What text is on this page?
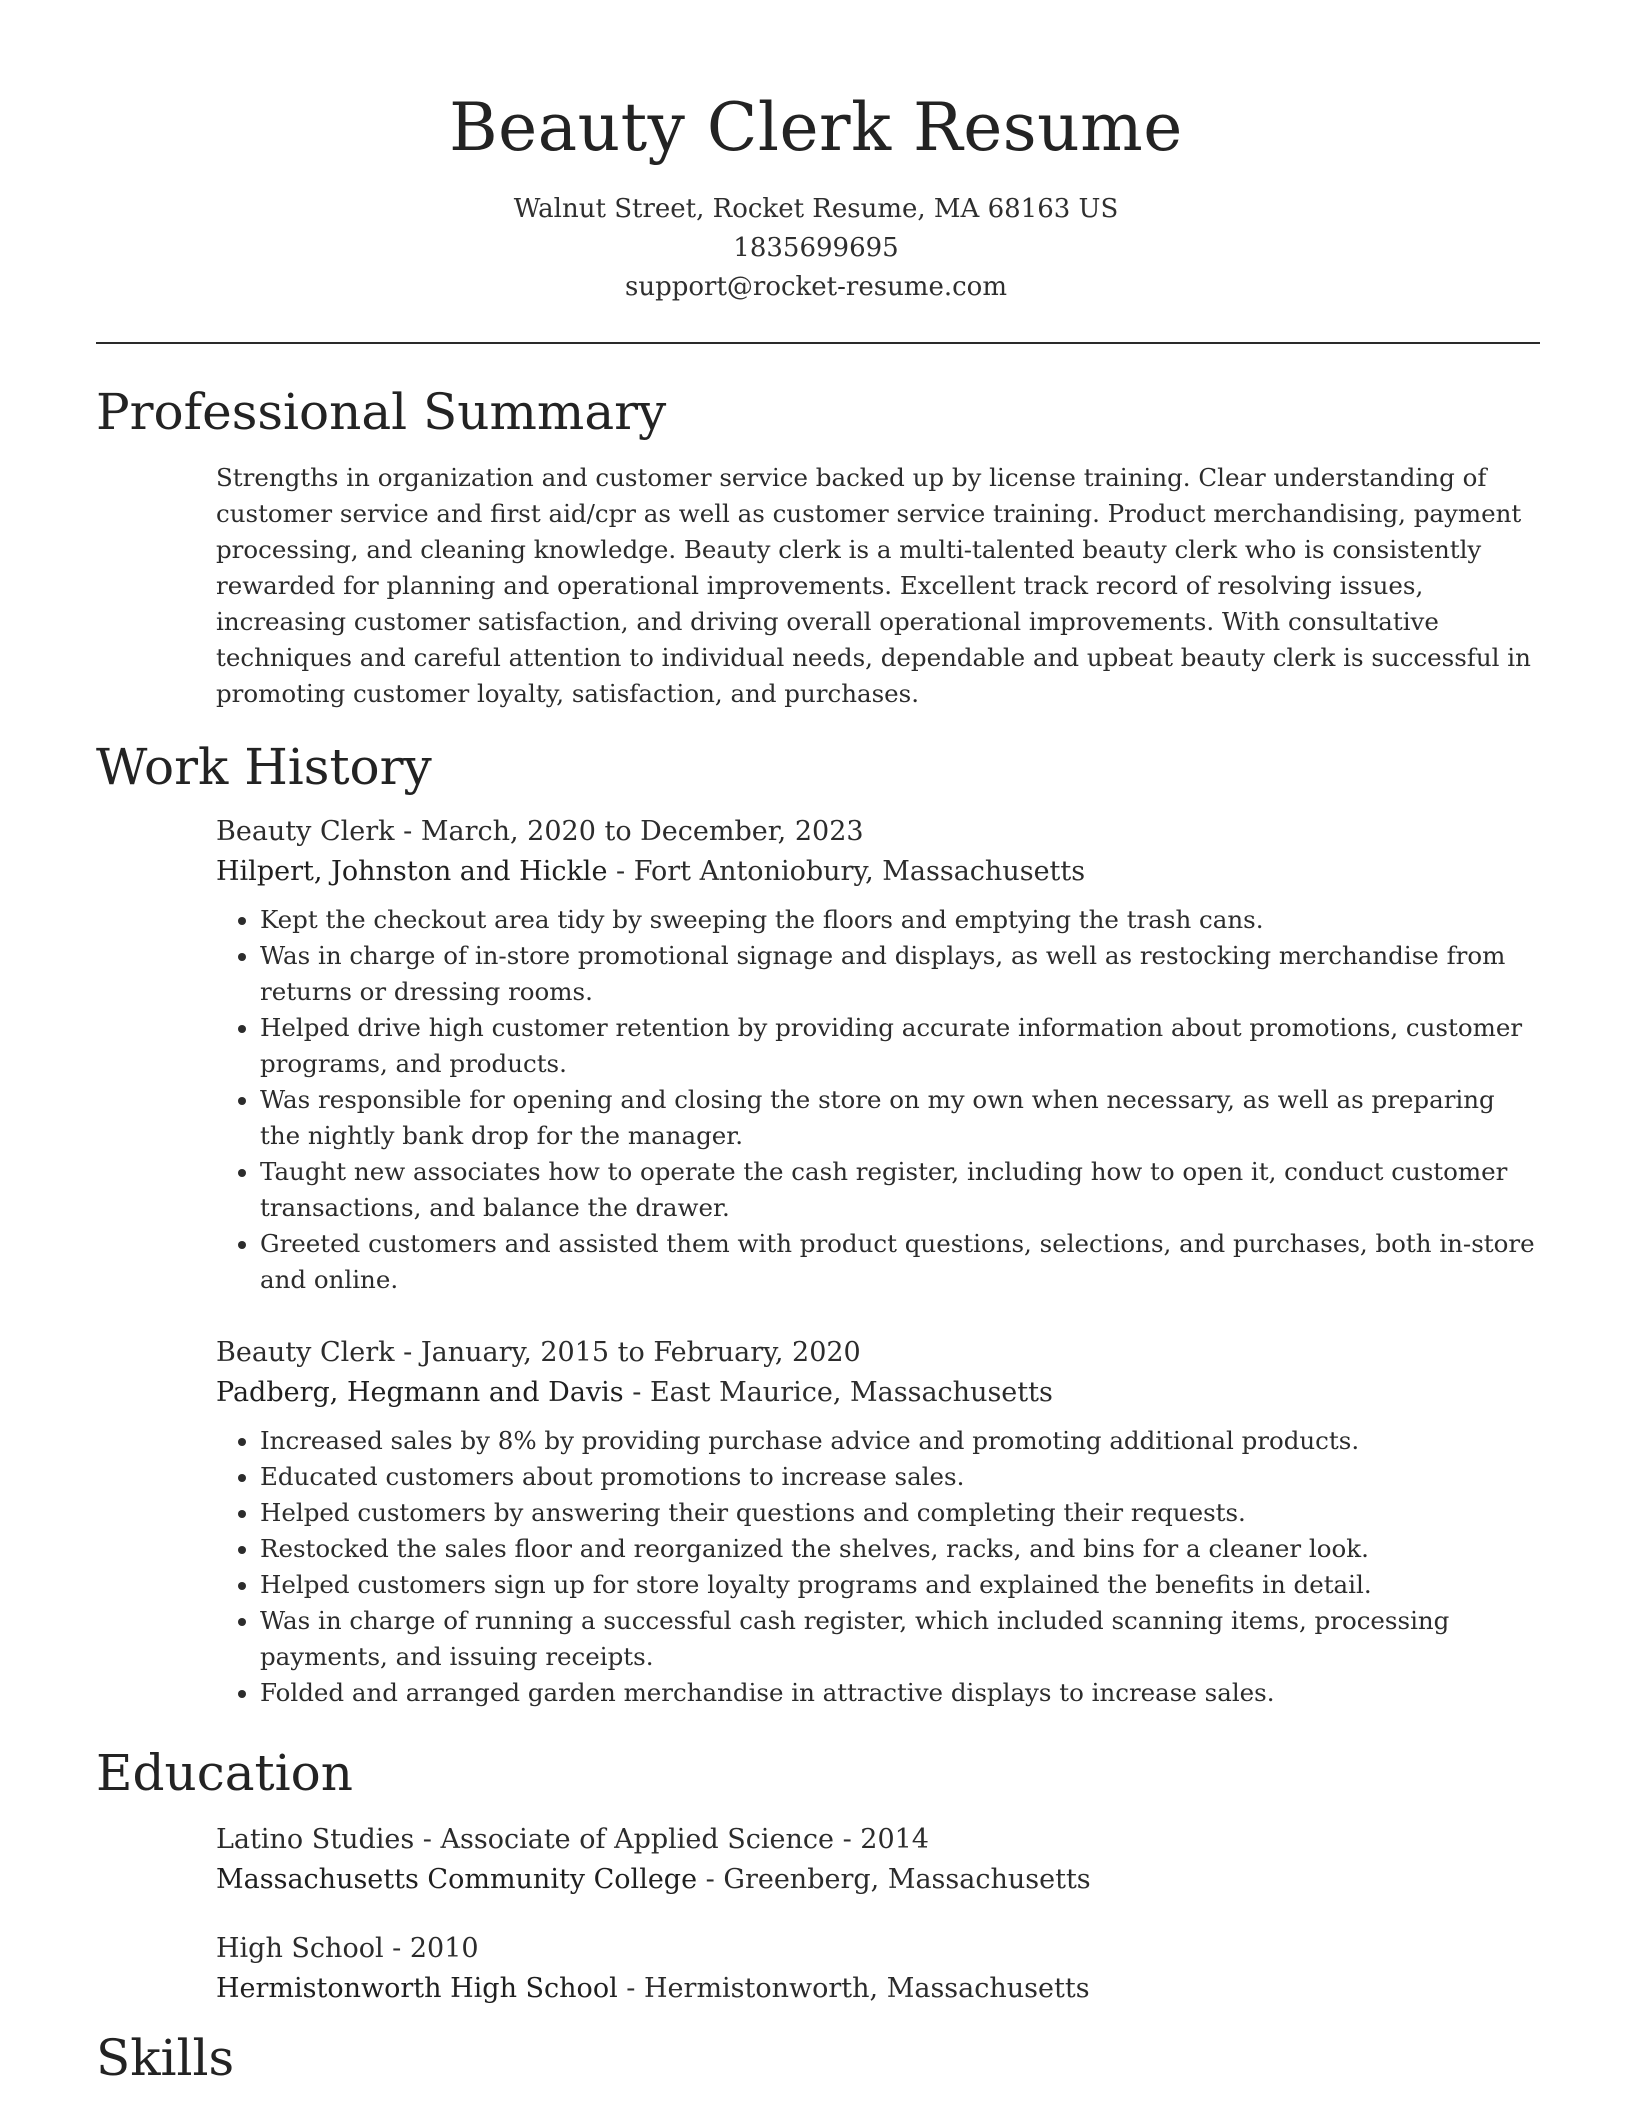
Beauty Clerk Resume
Walnut Street, Rocket Resume, MA 68163 US
1835699695
support@rocket-resume.com
Professional Summary

Strengths in organization and customer service backed up by license training. Clear understanding of customer service and first aid/cpr as well as customer service training. Product merchandising, payment processing, and cleaning knowledge. Beauty clerk is a multi-talented beauty clerk who is consistently rewarded for planning and operational improvements. Excellent track record of resolving issues, increasing customer satisfaction, and driving overall operational improvements. With consultative techniques and careful attention to individual needs, dependable and upbeat beauty clerk is successful in promoting customer loyalty, satisfaction, and purchases.

Work History
Beauty Clerk - March, 2020 to December, 2023
Hilpert, Johnston and Hickle - Fort Antoniobury, Massachusetts
• Kept the checkout area tidy by sweeping the floors and emptying the trash cans.
• Was in charge of in-store promotional signage and displays, as well as restocking merchandise from returns or dressing rooms.
• Helped drive high customer retention by providing accurate information about promotions, customer programs, and products.
• Was responsible for opening and closing the store on my own when necessary, as well as preparing the nightly bank drop for the manager.
• Taught new associates how to operate the cash register, including how to open it, conduct customer transactions, and balance the drawer.
• Greeted customers and assisted them with product questions, selections, and purchases, both in-store and online.
Beauty Clerk - January, 2015 to February, 2020
Padberg, Hegmann and Davis - East Maurice, Massachusetts
• Increased sales by 8% by providing purchase advice and promoting additional products.
• Educated customers about promotions to increase sales.
• Helped customers by answering their questions and completing their requests.
• Restocked the sales floor and reorganized the shelves, racks, and bins for a cleaner look.
• Helped customers sign up for store loyalty programs and explained the benefits in detail.
• Was in charge of running a successful cash register, which included scanning items, processing payments, and issuing receipts.
• Folded and arranged garden merchandise in attractive displays to increase sales.
Education
Latino Studies - Associate of Applied Science - 2014
Massachusetts Community College - Greenberg, Massachusetts
High School - 2010
Hermistonworth High School - Hermistonworth, Massachusetts
Skills
